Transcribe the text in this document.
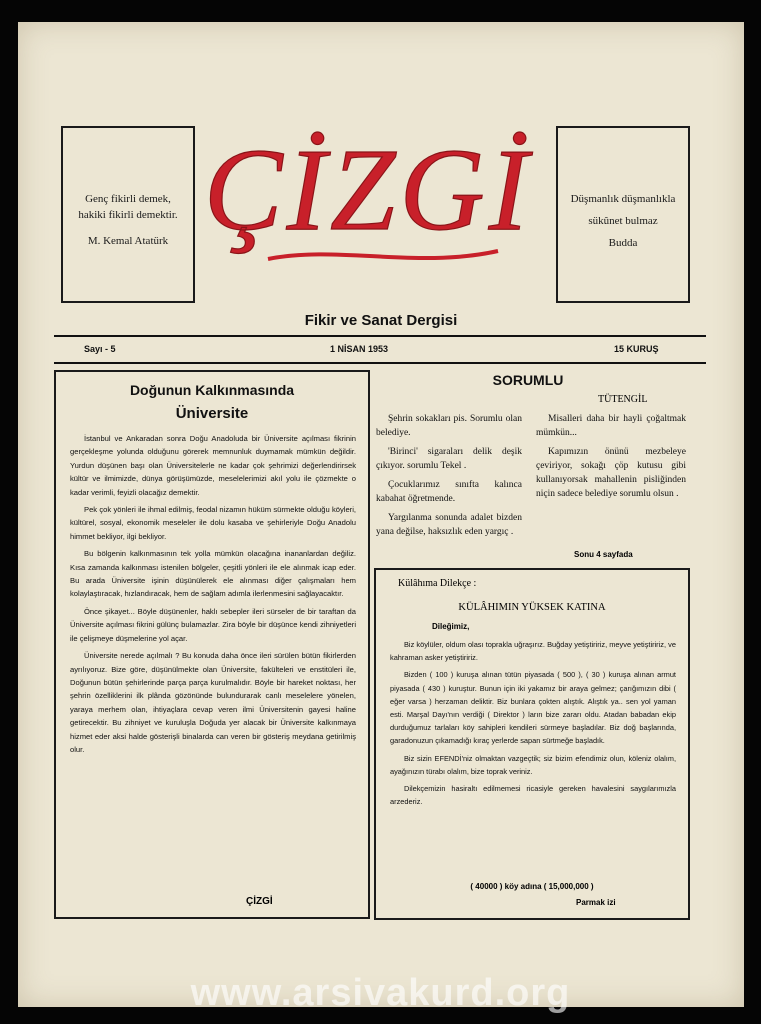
Genç fikirli demek,
hakiki fikirli demektir.
M. Kemal Atatürk
Düşmanlık düşmanlıkla
sükûnet bulmaz
Budda
ÇİZGİ
Fikir ve Sanat Dergisi
Sayı - 5	1 NİSAN 1953	15 KURUŞ
Doğunun Kalkınmasında
Üniversite

İstanbul ve Ankaradan sonra Doğu Anadoluda bir Üniversite açılması fikrinin gerçekleşme yolunda olduğunu görerek memnunluk duymamak mümkün değildir. Yurdun düşünen başı olan Üniversitelerle ne kadar çok şehrimizi değerlendirirsek kültür ve ilmimizde, dünya görüşümüzde, meselelerimizi akıl yolu ile çözmekte o kadar verimli, feyizli olacağız demektir.

Pek çok yönleri ile ihmal edilmiş, feodal nizamın hüküm sürmekte olduğu köyleri, kültürel, sosyal, ekonomik meseleler ile dolu kasaba ve şehirleriyle Doğu Anadolu himmet bekliyor, ilgi bekliyor.

Bu bölgenin kalkınmasının tek yolla mümkün olacağına inananlardan değiliz. Kısa zamanda kalkınması istenilen bölgeler, çeşitli yönleri ile ele alınmak icap eder. Bu arada Üniversite işinin düşünülerek ele alınması diğer çalışmaları hem kolaylaştıracak, hızlandıracak, hem de sağlam adımla ilerlenmesini sağlayacaktır.

Önce şikayet... Böyle düşünenler, haklı sebepler ileri sürseler de bir taraftan da Üniversite açılması fikrini gülünç bulamazlar. Zira böyle bir düşünce kendi zihniyetleri ile çelişmeye düşmelerine yol açar.

Üniversite nerede açılmalı ? Bu konuda daha önce ileri sürülen bütün fikirlerden ayrılıyoruz. Bize göre, düşünülmekte olan Üniversite, fakülteleri ve enstitüleri ile, Doğunun bütün şehirlerinde parça parça kurulmalıdır. Böyle bir hareket noktası, her şehrin özelliklerini ilk plânda gözönünde bulundurarak canlı meselelere yönelen, yaraya merhem olan, ihtiyaçlara cevap veren ilmi Üniversitenin gayesi haline getirecektir. Bu zihniyet ve kuruluşla Doğuda yer alacak bir Üniversite kalkınmaya hizmet eder aksi halde gösterişli binalarda can veren bir gösteriş meydana getirilmiş olur.

ÇİZGİ
SORUMLU
TÜTENGİL

Şehrin sokakları pis. Sorumlu olan belediye.

'Birinci' sigaraları delik deşik çıkıyor. sorumlu Tekel .

Çocuklarımız sınıfta kalınca kabahat öğretmende.

Yargılanma sonunda adalet bizden yana değilse, haksızlık eden yargıç .

Misalleri daha bir hayli çoğaltmak mümkün...

Kapımızın önünü mezbeleye çeviriyor, sokağı çöp kutusu gibi kullanıyorsak mahallenin pisliğinden niçin sadece belediye sorumlu olsun .

Sonu 4 sayfada
Külâhıma Dilekçe :
KÜLÂHIMIN YÜKSEK KATINA
Dileğimiz,

Biz köylüler, oldum olası toprakla uğraşırız. Buğday yetiştiririz, meyve yetiştiririz, ve kahraman asker yetiştiririz.

Bizden ( 100 ) kuruşa alınan tütün piyasada ( 500 ), ( 30 ) kuruşa alınan armut piyasada ( 430 ) kuruştur. Bunun için iki yakamız bir araya gelmez; çarığımızın dibi ( eğer varsa ) herzaman deliktir. Biz bunlara çokten alıştık. Alıştık ya.. sen yol yaman esti. Marşal Dayı'nın verdiği ( Direktor ) ların bize zararı oldu. Atadan babadan ekip durduğumuz tarlaları köy sahipleri kendileri sürmeye başladılar. Biz doğ başlarında, garadonuzun çıkamadığı kıraç yerlerde sapan sürtmeğe başladık.

Biz sizin EFENDİ'niz olmaktan vazgeçtik; siz bizim efendimiz olun, köleniz olalım, ayağınızın türabı olalım, bize toprak veriniz.

Dilekçemizin hasiraltı edilmemesi ricasiyle gereken havalesini saygılarımızla arzederiz.

( 40000 ) köy adına ( 15,000,000 )
Parmak izi
www.arsivakurd.org
